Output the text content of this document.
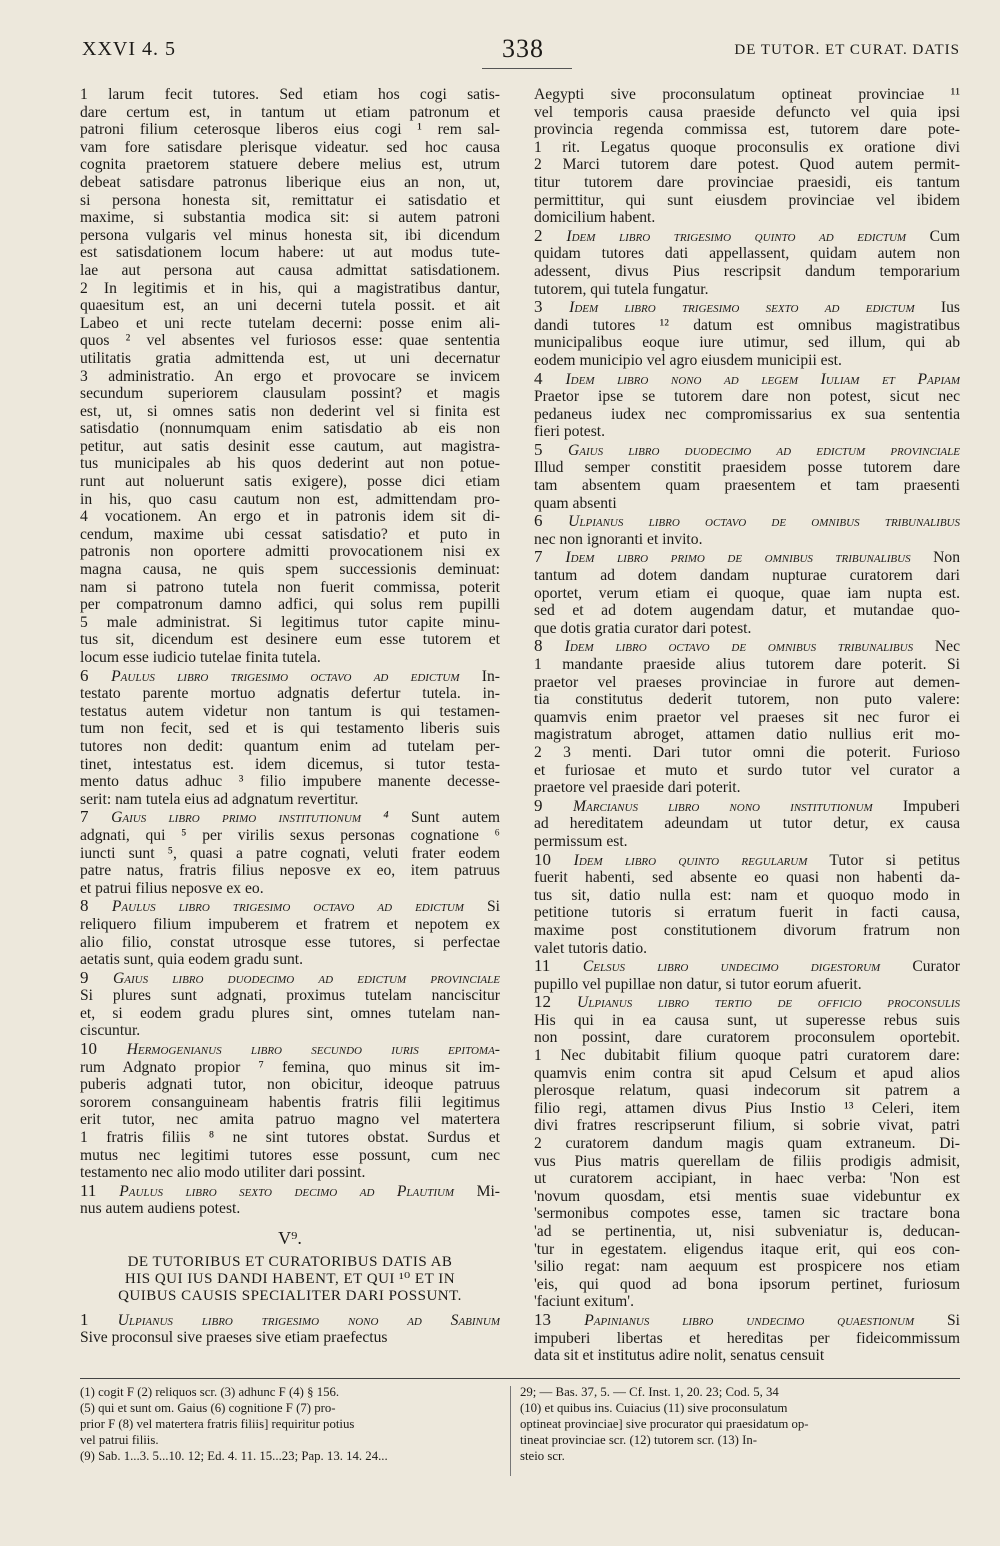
XXVI 4. 5	338	DE TUTOR. ET CURAT. DATIS
1 larum fecit tutores. Sed etiam hos cogi satis-
dare certum est, in tantum ut etiam patronum et
patroni filium ceterosque liberos eius cogi ¹ rem sal-
vam fore satisdare plerisque videatur. sed hoc causa
cognita praetorem statuere debere melius est, utrum
debeat satisdare patronus liberique eius an non, ut,
si persona honesta sit, remittatur ei satisdatio et
maxime, si substantia modica sit: si autem patroni
persona vulgaris vel minus honesta sit, ibi dicendum
est satisdationem locum habere: ut aut modus tute-
lae aut persona aut causa admittat satisdationem.
2 In legitimis et in his, qui a magistratibus dantur,
quaesitum est, an uni decerni tutela possit. et ait
Labeo et uni recte tutelam decerni: posse enim ali-
quos ² vel absentes vel furiosos esse: quae sententia
utilitatis gratia admittenda est, ut uni decernatur
3 administratio. An ergo et provocare se invicem
secundum superiorem clausulam possint? et magis
est, ut, si omnes satis non dederint vel si finita est
satisdatio (nonnumquam enim satisdatio ab eis non
petitur, aut satis desinit esse cautum, aut magistra-
tus municipales ab his quos dederint aut non potue-
runt aut noluerunt satis exigere), posse dici etiam
in his, quo casu cautum non est, admittendam pro-
4 vocationem. An ergo et in patronis idem sit di-
cendum, maxime ubi cessat satisdatio? et puto in
patronis non oportere admitti provocationem nisi ex
magna causa, ne quis spem successionis deminuat:
nam si patrono tutela non fuerit commissa, poterit
per compatronum damno adfici, qui solus rem pupilli
5 male administrat. Si legitimus tutor capite minu-
tus sit, dicendum est desinere eum esse tutorem et
locum esse iudicio tutelae finita tutela.
6 Paulus libro trigesimo octavo ad edictum In-
testato parente mortuo adgnatis defertur tutela. in-
testatus autem videtur non tantum is qui testamen-
tum non fecit, sed et is qui testamento liberis suis
tutores non dedit: quantum enim ad tutelam per-
tinet, intestatus est. idem dicemus, si tutor testa-
mento datus adhuc ³ filio impubere manente decesse-
serit: nam tutela eius ad adgnatum revertitur.
7 Gaius libro primo institutionum ⁴ Sunt autem
adgnati, qui ⁵ per virilis sexus personas cognatione ⁶
iuncti sunt ⁵, quasi a patre cognati, veluti frater eodem
patre natus, fratris filius neposve ex eo, item patruus
et patrui filius neposve ex eo.
8 Paulus libro trigesimo octavo ad edictum Si
reliquero filium impuberem et fratrem et nepotem ex
alio filio, constat utrosque esse tutores, si perfectae
aetatis sunt, quia eodem gradu sunt.
9 Gaius libro duodecimo ad edictum provinciale
Si plures sunt adgnati, proximus tutelam nanciscitur
et, si eodem gradu plures sint, omnes tutelam nan-
ciscuntur.
10 Hermogenianus libro secundo iuris epitoma-
rum Adgnato propior ⁷ femina, quo minus sit im-
puberis adgnati tutor, non obicitur, ideoque patruus
sororem consanguineam habentis fratris filii legitimus
erit tutor, nec amita patruo magno vel matertera
1 fratris filiis ⁸ ne sint tutores obstat. Surdus et
mutus nec legitimi tutores esse possunt, cum nec
testamento nec alio modo utiliter dari possint.
11 Paulus libro sexto decimo ad Plautium Mi-
nus autem audiens potest.
V⁹.
DE TUTORIBUS ET CURATORIBUS DATIS AB
HIS QUI IUS DANDI HABENT, ET QUI ¹⁰ ET IN
QUIBUS CAUSIS SPECIALITER DARI POSSUNT.
1 Ulpianus libro trigesimo nono ad Sabinum
Sive proconsul sive praeses sive etiam praefectus
Aegypti sive proconsulatum optineat provinciae ¹¹
vel temporis causa praeside defuncto vel quia ipsi
provincia regenda commissa est, tutorem dare pote-
1 rit. Legatus quoque proconsulis ex oratione divi
2 Marci tutorem dare potest. Quod autem permit-
titur tutorem dare provinciae praesidi, eis tantum
permittitur, qui sunt eiusdem provinciae vel ibidem
domicilium habent.
2 Idem libro trigesimo quinto ad edictum Cum
quidam tutores dati appellassent, quidam autem non
adessent, divus Pius rescripsit dandum temporarium
tutorem, qui tutela fungatur.
3 Idem libro trigesimo sexto ad edictum Ius
dandi tutores ¹² datum est omnibus magistratibus
municipalibus eoque iure utimur, sed illum, qui ab
eodem municipio vel agro eiusdem municipii est.
4 Idem libro nono ad legem Iuliam et Papiam
Praetor ipse se tutorem dare non potest, sicut nec
pedaneus iudex nec compromissarius ex sua sententia
fieri potest.
5 Gaius libro duodecimo ad edictum provinciale
Illud semper constitit praesidem posse tutorem dare
tam absentem quam praesentem et tam praesenti
quam absenti
6 Ulpianus libro octavo de omnibus tribunalibus
nec non ignoranti et invito.
7 Idem libro primo de omnibus tribunalibus Non
tantum ad dotem dandam nupturae curatorem dari
oportet, verum etiam ei quoque, quae iam nupta est.
sed et ad dotem augendam datur, et mutandae quo-
que dotis gratia curator dari potest.
8 Idem libro octavo de omnibus tribunalibus Nec
1 mandante praeside alius tutorem dare poterit. Si
praetor vel praeses provinciae in furore aut demen-
tia constitutus dederit tutorem, non puto valere:
quamvis enim praetor vel praeses sit nec furor ei
magistratum abroget, attamen datio nullius erit mo-
2 3 menti. Dari tutor omni die poterit. Furioso
et furiosae et muto et surdo tutor vel curator a
praetore vel praeside dari poterit.
9 Marcianus libro nono institutionum Impuberi
ad hereditatem adeundam ut tutor detur, ex causa
permissum est.
10 Idem libro quinto regularum Tutor si petitus
fuerit habenti, sed absente eo quasi non habenti da-
tus sit, datio nulla est: nam et quoquo modo in
petitione tutoris si erratum fuerit in facti causa,
maxime post constitutionem divorum fratrum non
valet tutoris datio.
11 Celsus libro undecimo digestorum Curator
pupillo vel pupillae non datur, si tutor eorum afuerit.
12 Ulpianus libro tertio de officio proconsulis
His qui in ea causa sunt, ut superesse rebus suis
non possint, dare curatorem proconsulem oportebit.
1 Nec dubitabit filium quoque patri curatorem dare:
quamvis enim contra sit apud Celsum et apud alios
plerosque relatum, quasi indecorum sit patrem a
filio regi, attamen divus Pius Instio ¹³ Celeri, item
divi fratres rescripserunt filium, si sobrie vivat, patri
2 curatorem dandum magis quam extraneum. Di-
vus Pius matris querellam de filiis prodigis admisit,
ut curatorem accipiant, in haec verba: 'Non est
'novum quosdam, etsi mentis suae videbuntur ex
'sermonibus compotes esse, tamen sic tractare bona
'ad se pertinentia, ut, nisi subveniatur is, deducan-
'tur in egestatem. eligendus itaque erit, qui eos con-
'silio regat: nam aequum est prospicere nos etiam
'eis, qui quod ad bona ipsorum pertinet, furiosum
'faciunt exitum'.
13 Papinianus libro undecimo quaestionum Si
impuberi libertas et hereditas per fideicommissum
data sit et institutus adire nolit, senatus censuit
(1) cogit F (2) reliquos scr. (3) adhunc F (4) § 156.
(5) qui et sunt om. Gaius (6) cognitione F (7) pro-
prior F (8) vel matertera fratris filiis] requiritur potius
vel patrui filiis.
(9) Sab. 1...3. 5...10. 12; Ed. 4. 11. 15...23; Pap. 13. 14. 24...
29; — Bas. 37, 5. — Cf. Inst. 1, 20. 23; Cod. 5, 34
(10) et quibus ins. Cuiacius (11) sive proconsulatum
optineat provinciae] sive procurator qui praesidatum op-
tineat provinciae scr. (12) tutorem scr. (13) In-
steio scr.
